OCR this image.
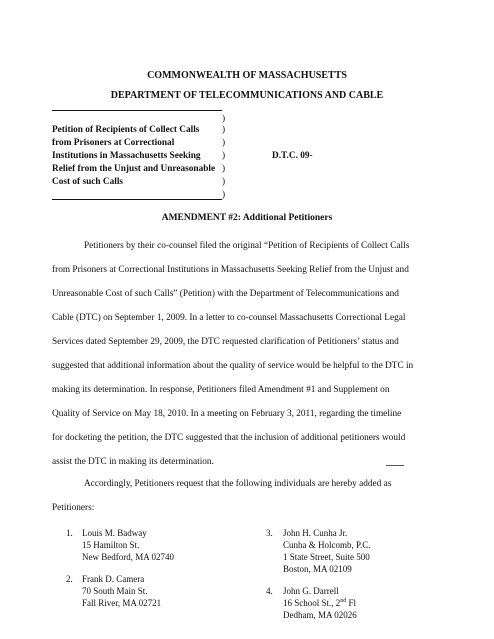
COMMONWEALTH OF MASSACHUSETTS
DEPARTMENT OF TELECOMMUNICATIONS AND CABLE
)
Petition of Recipients of Collect Calls
from Prisoners at Correctional
Institutions in Massachusetts Seeking
Relief from the Unjust and Unreasonable
Cost of such Calls
)
)
)
)
)
)
D.T.C. 09-
AMENDMENT #2: Additional Petitioners
Petitioners by their co-counsel filed the original “Petition of Recipients of Collect Calls
from Prisoners at Correctional Institutions in Massachusetts Seeking Relief from the Unjust and
Unreasonable Cost of such Calls” (Petition) with the Department of Telecommunications and
Cable (DTC) on September 1, 2009. In a letter to co-counsel Massachusetts Correctional Legal
Services dated September 29, 2009, the DTC requested clarification of Petitioners’ status and
suggested that additional information about the quality of service would be helpful to the DTC in
making its determination. In response, Petitioners filed Amendment #1 and Supplement on
Quality of Service on May 18, 2010. In a meeting on February 3, 2011, regarding the timeline
for docketing the petition, the DTC suggested that the inclusion of additional petitioners would
assist the DTC in making its determination.
Accordingly, Petitioners request that the following individuals are hereby added as
Petitioners:
1. Louis M. Badway
15 Hamilton St.
New Bedford, MA 02740
2. Frank D. Camera
70 South Main St.
Fall River, MA 02721
3. John H. Cunha Jr.
Cunha & Holcomb, P.C.
1 State Street, Suite 500
Boston, MA 02109
4. John G. Darrell
16 School St., 2nd Fl
Dedham, MA 02026
